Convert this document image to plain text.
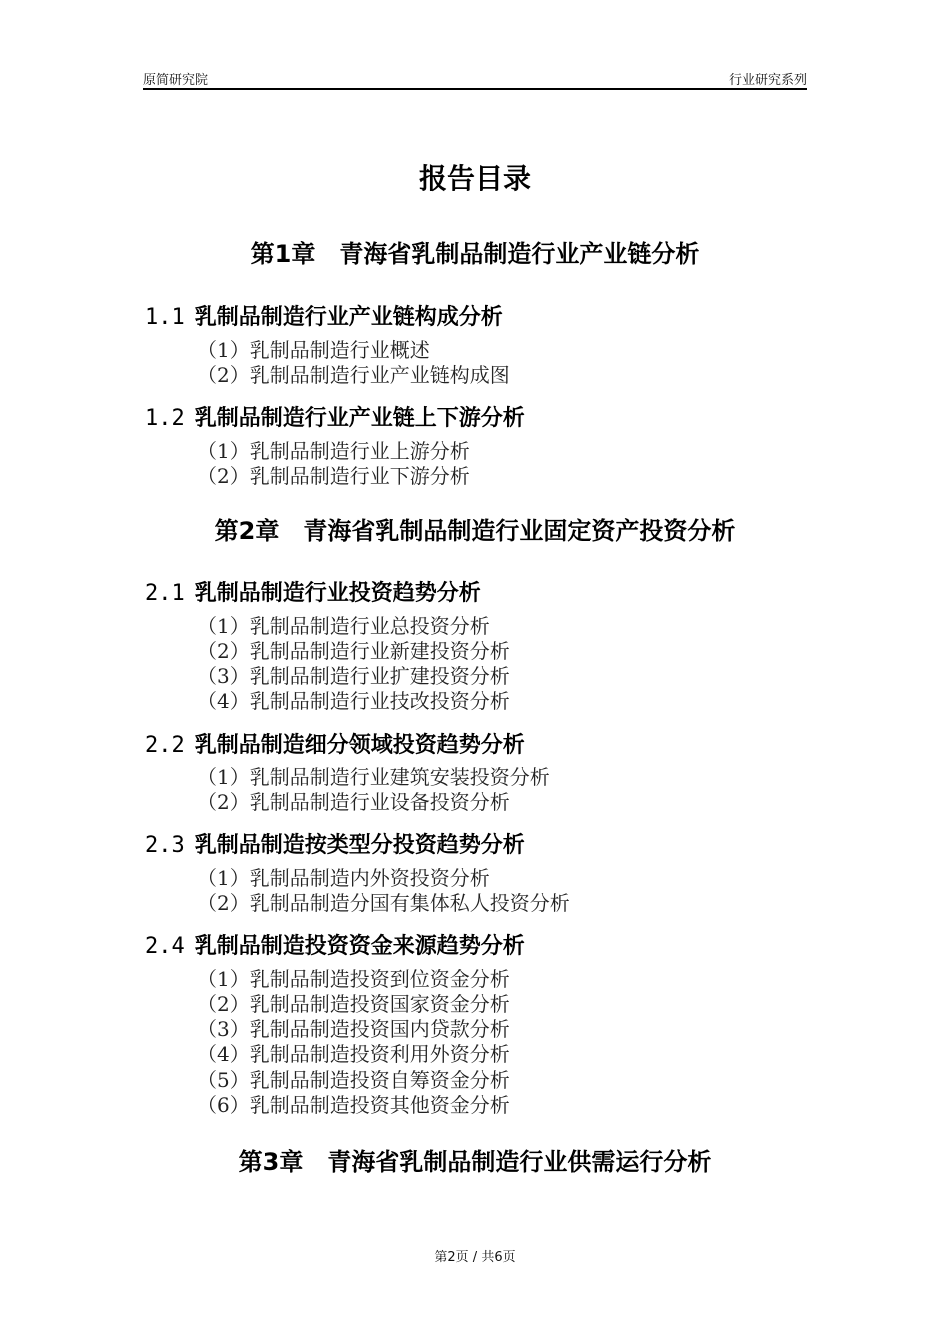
原简研究院	行业研究系列
报告目录
第1章 青海省乳制品制造行业产业链分析
1.1 乳制品制造行业产业链构成分析
（1）乳制品制造行业概述
（2）乳制品制造行业产业链构成图
1.2 乳制品制造行业产业链上下游分析
（1）乳制品制造行业上游分析
（2）乳制品制造行业下游分析
第2章 青海省乳制品制造行业固定资产投资分析
2.1 乳制品制造行业投资趋势分析
（1）乳制品制造行业总投资分析
（2）乳制品制造行业新建投资分析
（3）乳制品制造行业扩建投资分析
（4）乳制品制造行业技改投资分析
2.2 乳制品制造细分领域投资趋势分析
（1）乳制品制造行业建筑安装投资分析
（2）乳制品制造行业设备投资分析
2.3 乳制品制造按类型分投资趋势分析
（1）乳制品制造内外资投资分析
（2）乳制品制造分国有集体私人投资分析
2.4 乳制品制造投资资金来源趋势分析
（1）乳制品制造投资到位资金分析
（2）乳制品制造投资国家资金分析
（3）乳制品制造投资国内贷款分析
（4）乳制品制造投资利用外资分析
（5）乳制品制造投资自筹资金分析
（6）乳制品制造投资其他资金分析
第3章 青海省乳制品制造行业供需运行分析
第2页 / 共6页
